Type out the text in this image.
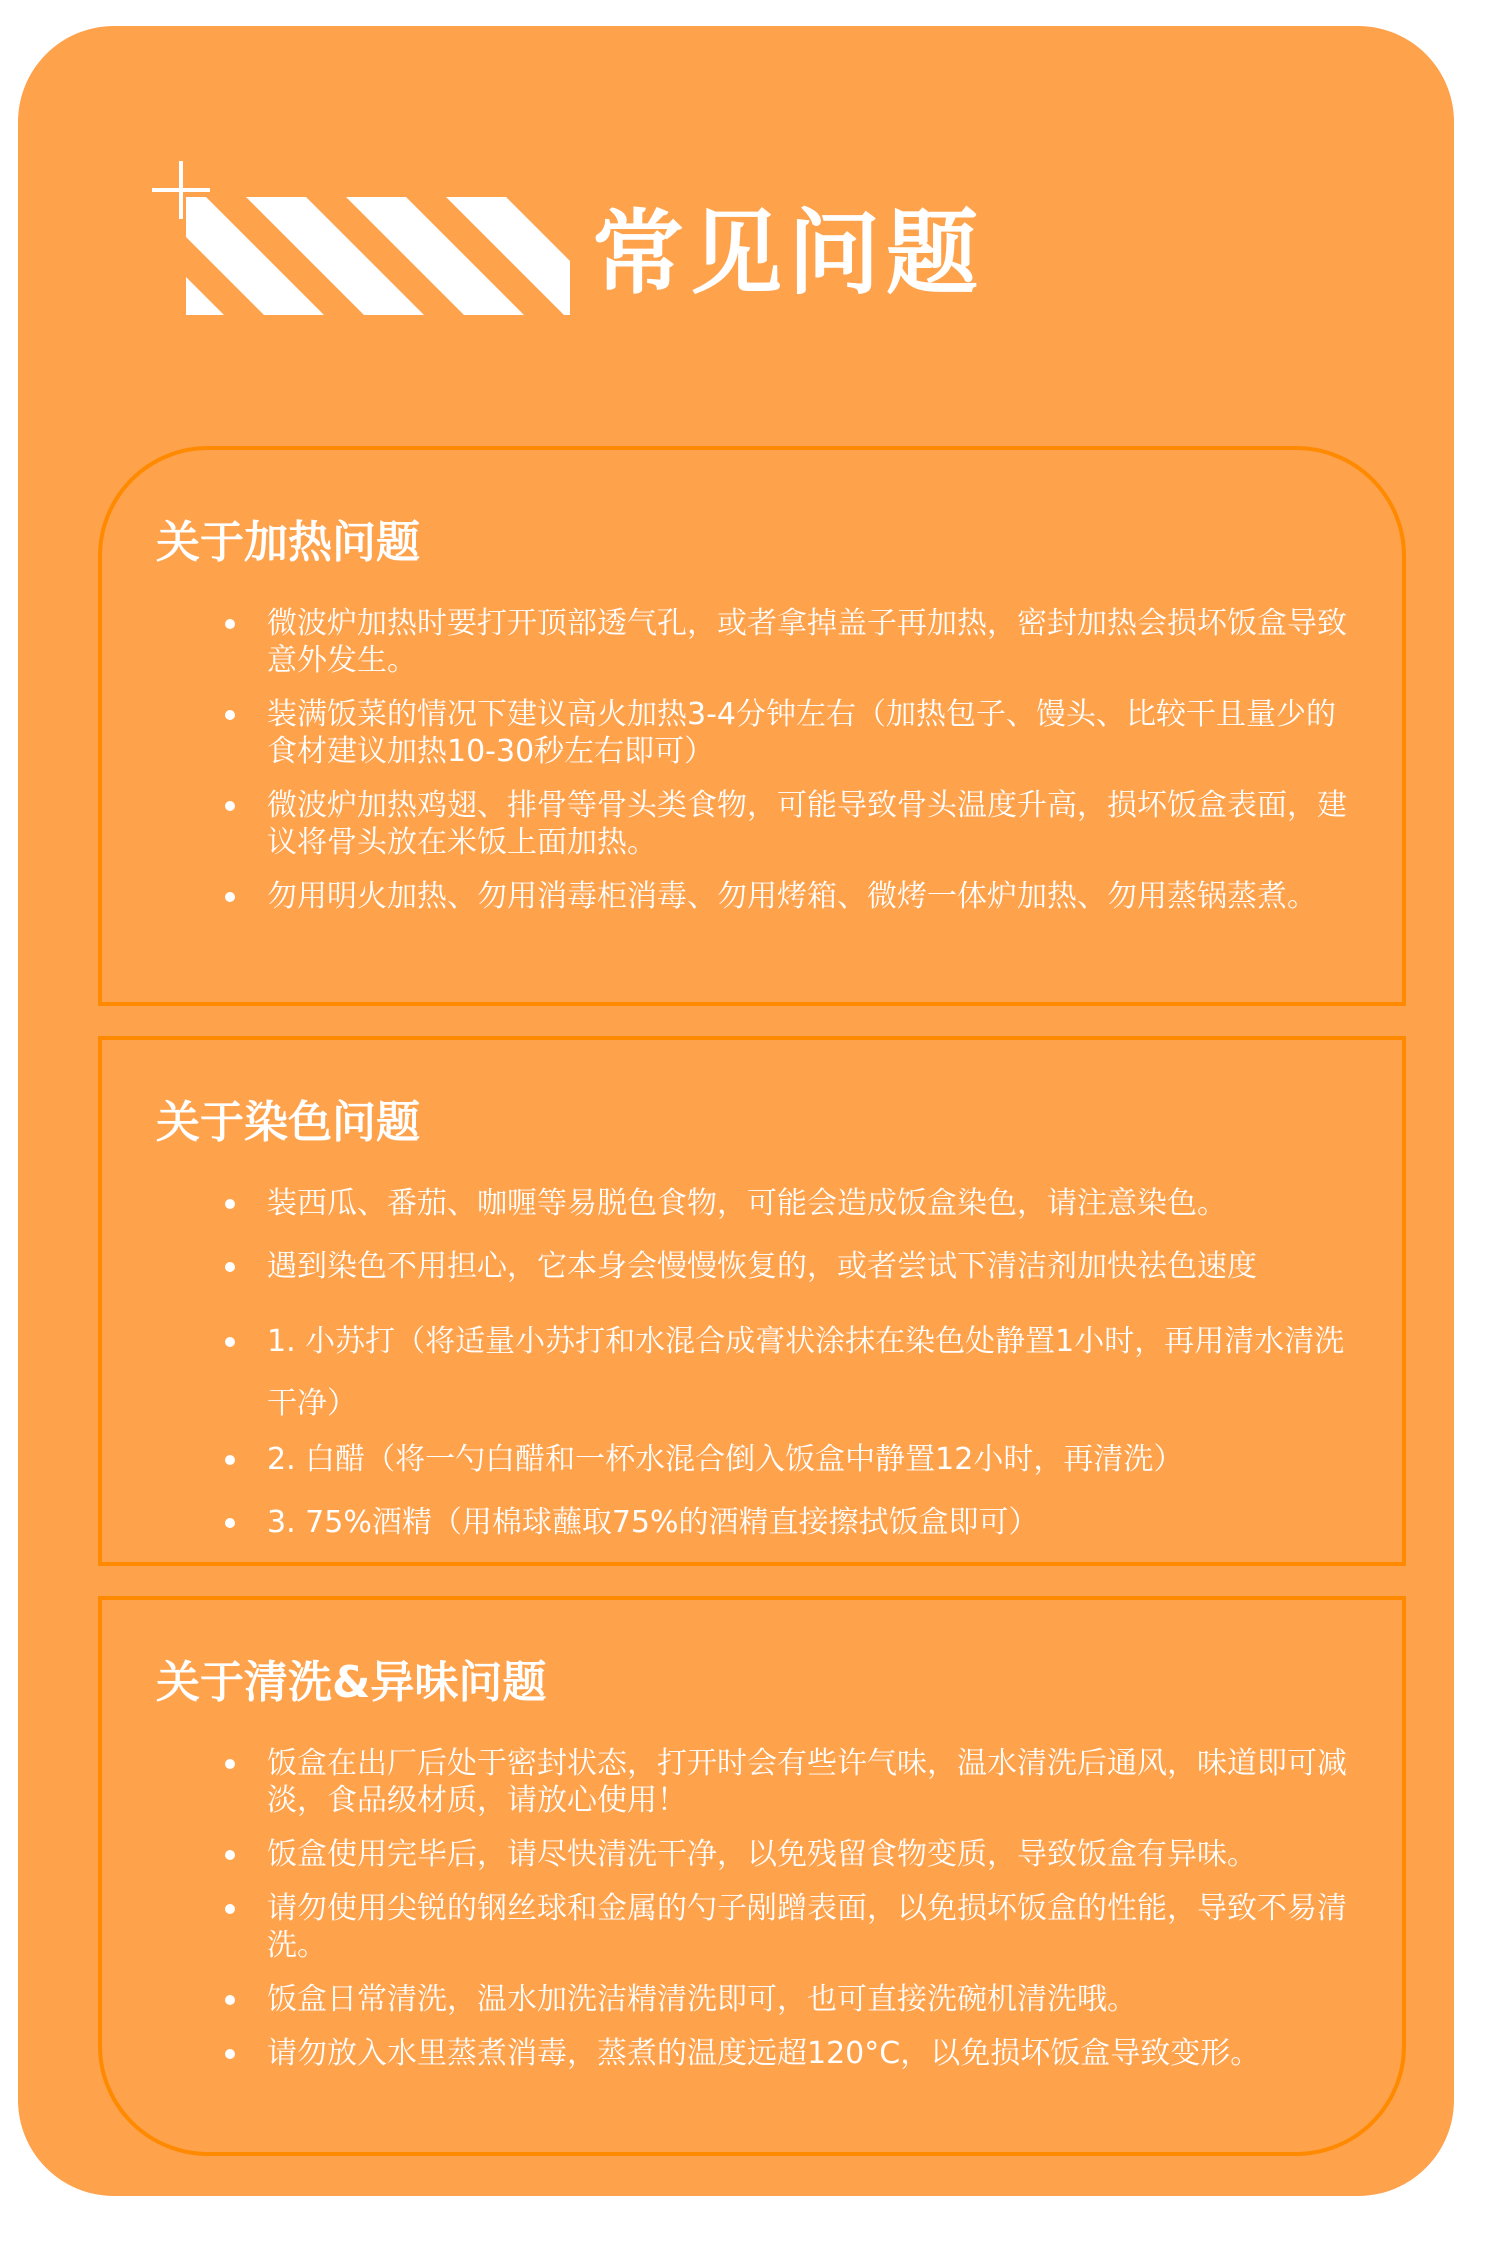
常见问题
关于加热问题
微波炉加热时要打开顶部透气孔，或者拿掉盖子再加热，密封加热会损坏饭盒导致意外发生。
装满饭菜的情况下建议高火加热3-4分钟左右（加热包子、馒头、比较干且量少的食材建议加热10-30秒左右即可）
微波炉加热鸡翅、排骨等骨头类食物，可能导致骨头温度升高，损坏饭盒表面，建议将骨头放在米饭上面加热。
勿用明火加热、勿用消毒柜消毒、勿用烤箱、微烤一体炉加热、勿用蒸锅蒸煮。
关于染色问题
装西瓜、番茄、咖喱等易脱色食物，可能会造成饭盒染色，请注意染色。
遇到染色不用担心，它本身会慢慢恢复的，或者尝试下清洁剂加快祛色速度
1. 小苏打（将适量小苏打和水混合成膏状涂抹在染色处静置1小时，再用清水清洗干净）
2. 白醋（将一勺白醋和一杯水混合倒入饭盒中静置12小时，再清洗）
3. 75%酒精（用棉球蘸取75%的酒精直接擦拭饭盒即可）
关于清洗&异味问题
饭盒在出厂后处于密封状态，打开时会有些许气味，温水清洗后通风，味道即可减淡，食品级材质，请放心使用！
饭盒使用完毕后，请尽快清洗干净，以免残留食物变质，导致饭盒有异味。
请勿使用尖锐的钢丝球和金属的勺子剐蹭表面，以免损坏饭盒的性能，导致不易清洗。
饭盒日常清洗，温水加洗洁精清洗即可，也可直接洗碗机清洗哦。
请勿放入水里蒸煮消毒，蒸煮的温度远超120°C，以免损坏饭盒导致变形。
